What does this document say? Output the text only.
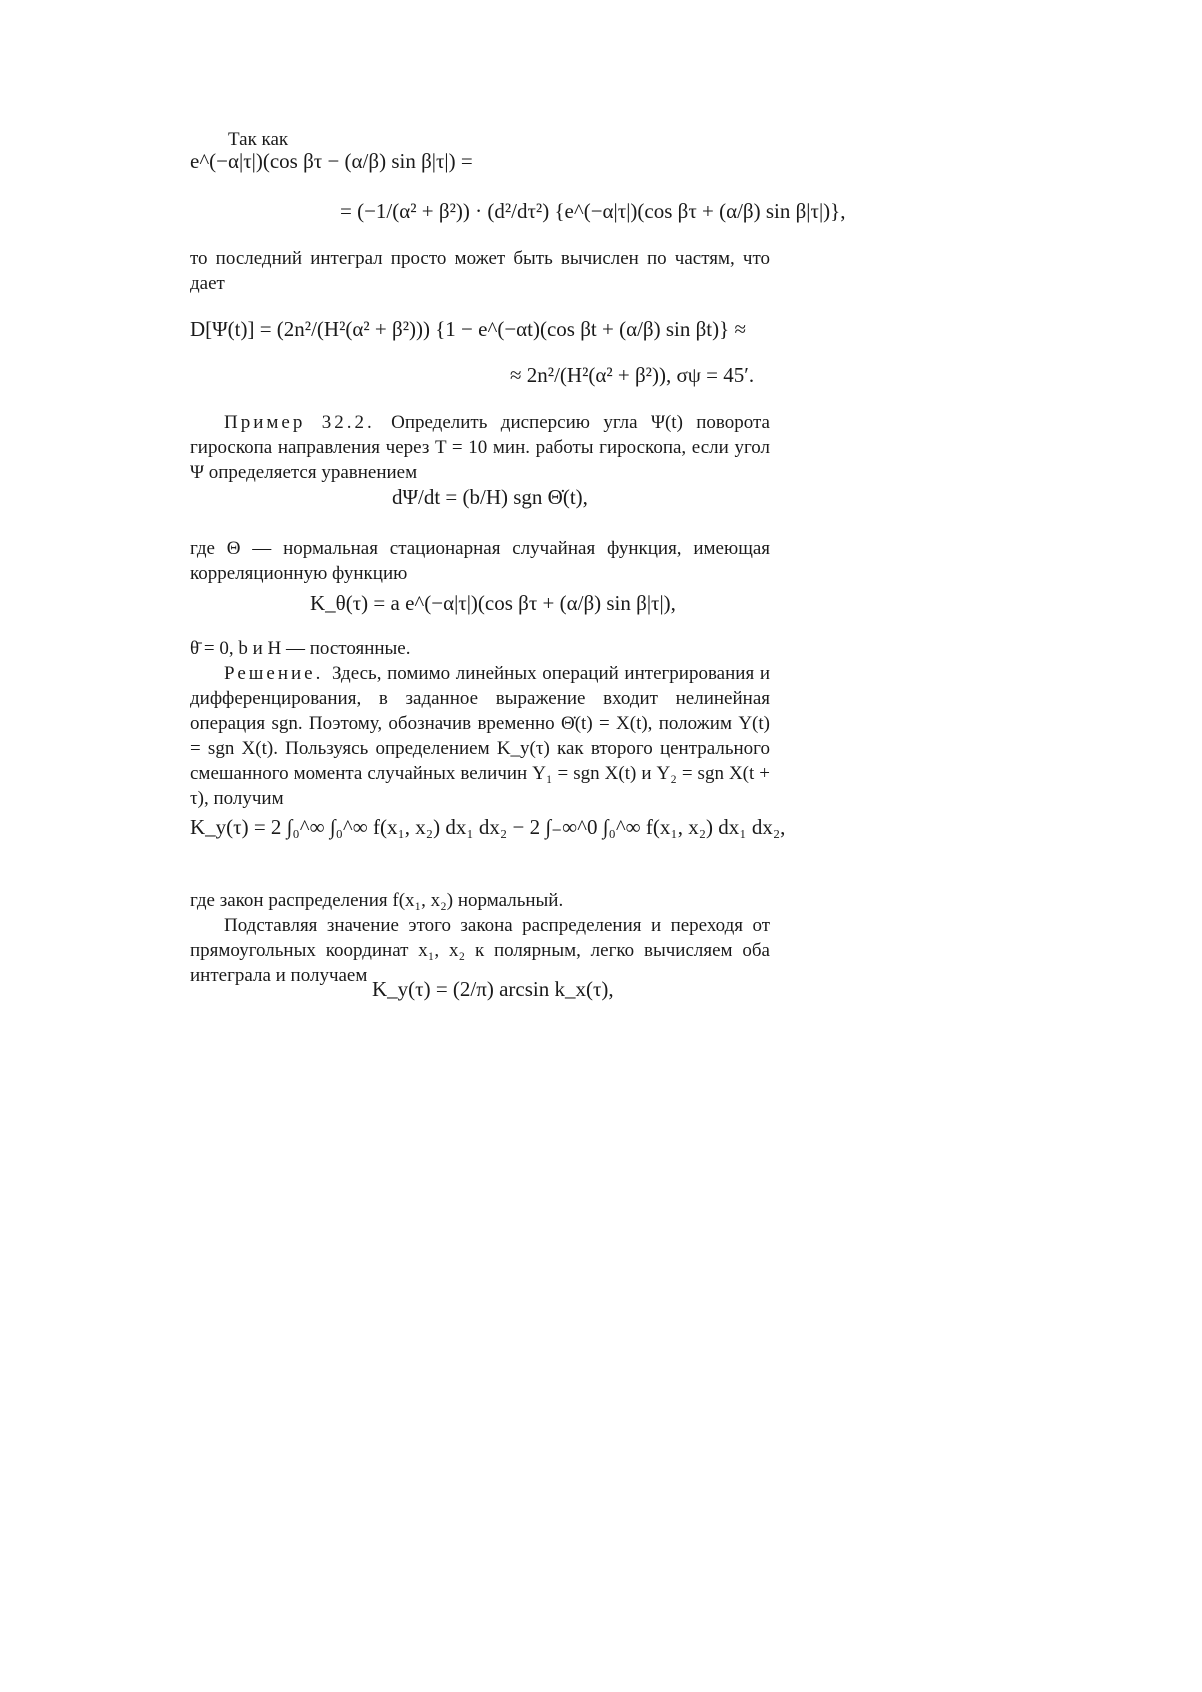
Так как
e^(−α|τ|)(cos βτ − (α/β) sin β|τ|) =
= (−1/(α² + β²)) · (d²/dτ²) {e^(−α|τ|)(cos βτ + (α/β) sin β|τ|)},

то последний интеграл просто может быть вычислен по частям, что дает

D[Ψ(t)] = (2n²/(H²(α² + β²))) {1 − e^(−αt)(cos βt + (α/β) sin βt)} ≈
≈ 2n²/(H²(α² + β²)), σψ = 45′.

Пример 32.2. Определить дисперсию угла Ψ(t) поворота гироскопа направления через T = 10 мин. работы гироскопа, если угол Ψ определяется уравнением

dΨ/dt = (b/H) sgn Θ̇(t),

где Θ — нормальная стационарная случайная функция, имеющая корреляционную функцию

K_θ(τ) = a e^(−α|τ|)(cos βτ + (α/β) sin β|τ|),

θ̄ = 0, b и H — постоянные.

Решение. Здесь, помимо линейных операций интегрирования и дифференцирования, в заданное выражение входит нелинейная операция sgn. Поэтому, обозначив временно Θ̇(t) = X(t), положим Y(t) = sgn X(t). Пользуясь определением K_y(τ) как второго центрального смешанного момента случайных величин Y₁ = sgn X(t) и Y₂ = sgn X(t + τ), получим

K_y(τ) = 2 ∫₀^∞ ∫₀^∞ f(x₁, x₂) dx₁ dx₂ − 2 ∫₋∞^0 ∫₀^∞ f(x₁, x₂) dx₁ dx₂,

где закон распределения f(x₁, x₂) нормальный.

Подставляя значение этого закона распределения и переходя от прямоугольных координат x₁, x₂ к полярным, легко вычисляем оба интеграла и получаем

K_y(τ) = (2/π) arcsin k_x(τ),
